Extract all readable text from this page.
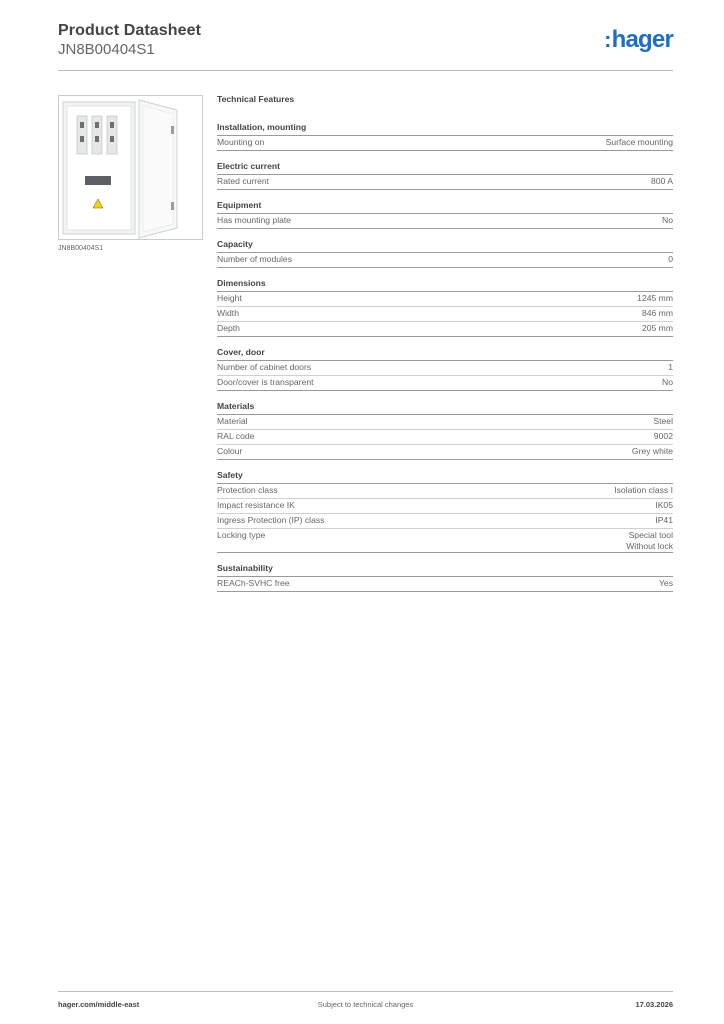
Product Datasheet
JN8B00404S1	:hager
JN8B00404S1
Technical Features
Installation, mounting
Mounting on	Surface mounting
Electric current
Rated current	800 A
Equipment
Has mounting plate	No
Capacity
Number of modules	0
Dimensions
Height	1245 mm
Width	846 mm
Depth	205 mm
Cover, door
Number of cabinet doors	1
Door/cover is transparent	No
Materials
Material	Steel
RAL code	9002
Colour	Grey white
Safety
Protection class	Isolation class I
Impact resistance IK	IK05
Ingress Protection (IP) class	IP41
Locking type	Special tool
Without lock
Sustainability
REACh-SVHC free	Yes
hager.com/middle-east	Subject to technical changes	17.03.2026
